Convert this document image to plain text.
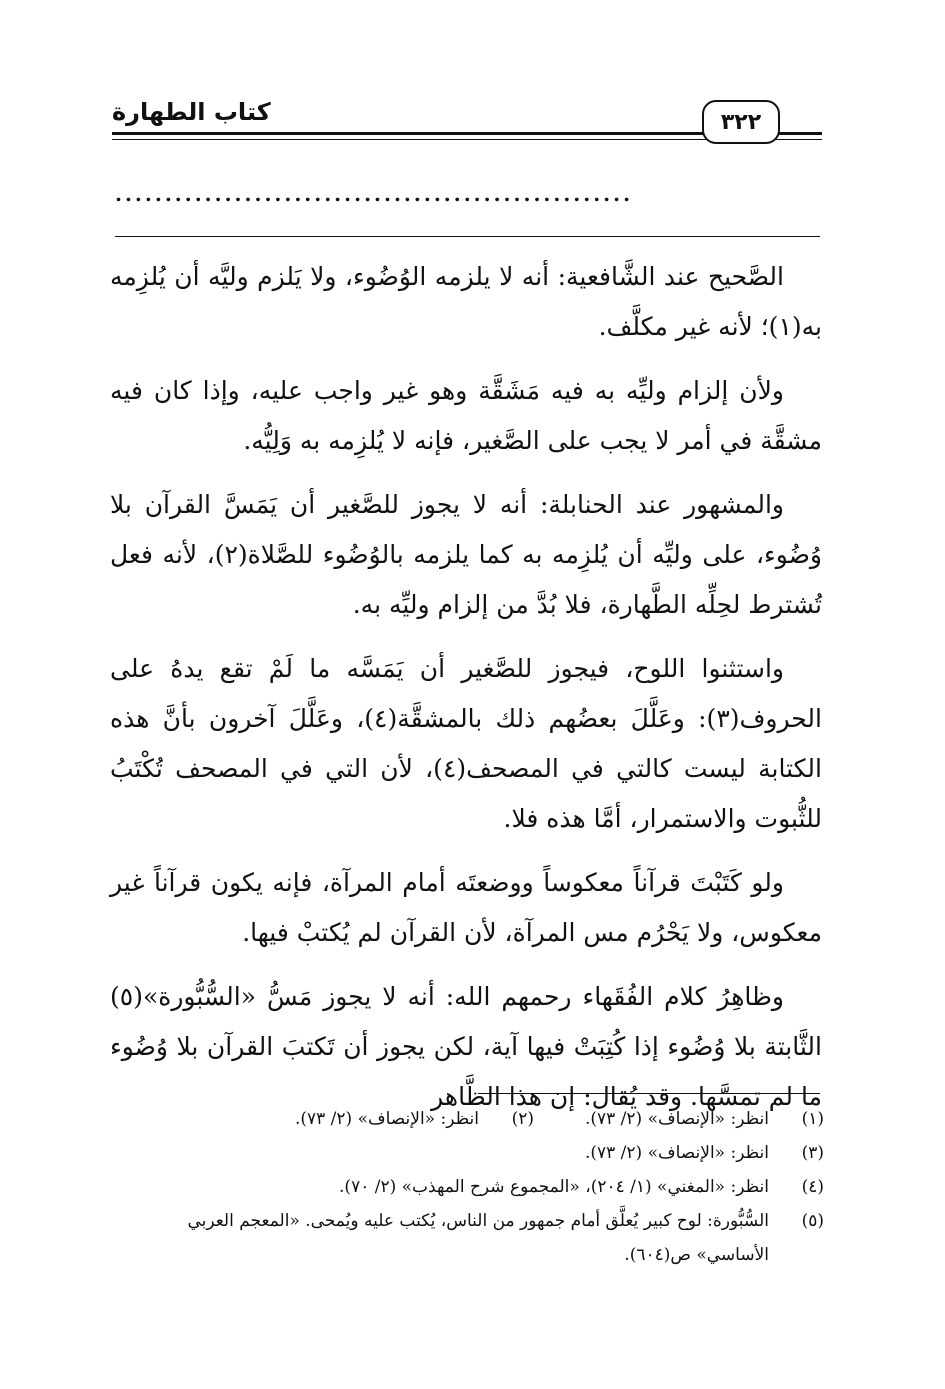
كتاب الطهارة	٣٢٢
....................................................

الصَّحيح عند الشَّافعية: أنه لا يلزمه الوُضُوء، ولا يَلزم وليَّه أن يُلزِمه به(١)؛ لأنه غير مكلَّف.

ولأن إلزام وليِّه به فيه مَشَقَّة وهو غير واجب عليه، وإذا كان فيه مشقَّة في أمر لا يجب على الصَّغير، فإنه لا يُلزِمه به وَلِيُّه.

والمشهور عند الحنابلة: أنه لا يجوز للصَّغير أن يَمَسَّ القرآن بلا وُضُوء، على وليِّه أن يُلزِمه به كما يلزمه بالوُضُوء للصَّلاة(٢)، لأنه فعل تُشترط لحِلِّه الطَّهارة، فلا بُدَّ من إلزام وليِّه به.

واستثنوا اللوح، فيجوز للصَّغير أن يَمَسَّه ما لَمْ تقع يدهُ على الحروف(٣): وعَلَّلَ بعضُهم ذلك بالمشقَّة(٤)، وعَلَّلَ آخرون بأنَّ هذه الكتابة ليست كالتي في المصحف(٤)، لأن التي في المصحف تُكْتَبُ للثُّبوت والاستمرار، أمَّا هذه فلا.

ولو كَتَبْتَ قرآناً معكوساً ووضعتَه أمام المرآة، فإنه يكون قرآناً غير معكوس، ولا يَحْرُم مس المرآة، لأن القرآن لم يُكتبْ فيها.

وظاهِرُ كلام الفُقَهاء رحمهم الله: أنه لا يجوز مَسُّ «السُّبُّورة»(٥) الثَّابتة بلا وُضُوء إذا كُتِبَتْ فيها آية، لكن يجوز أن تَكتبَ القرآن بلا وُضُوء ما لم تمسَّها. وقد يُقال: إن هذا الظَّاهر

(١)
انظر: «الإنصاف» (٢/ ٧٣).
(٢)
انظر: «الإنصاف» (٢/ ٧٣).
(٣)
انظر: «الإنصاف» (٢/ ٧٣).
(٤)
انظر: «المغني» (١/ ٢٠٤)، «المجموع شرح المهذب» (٢/ ٧٠).
(٥)
السُّبُّورة: لوح كبير يُعلَّق أمام جمهور من الناس، يُكتب عليه ويُمحى. «المعجم العربي الأساسي» ص(٦٠٤).
